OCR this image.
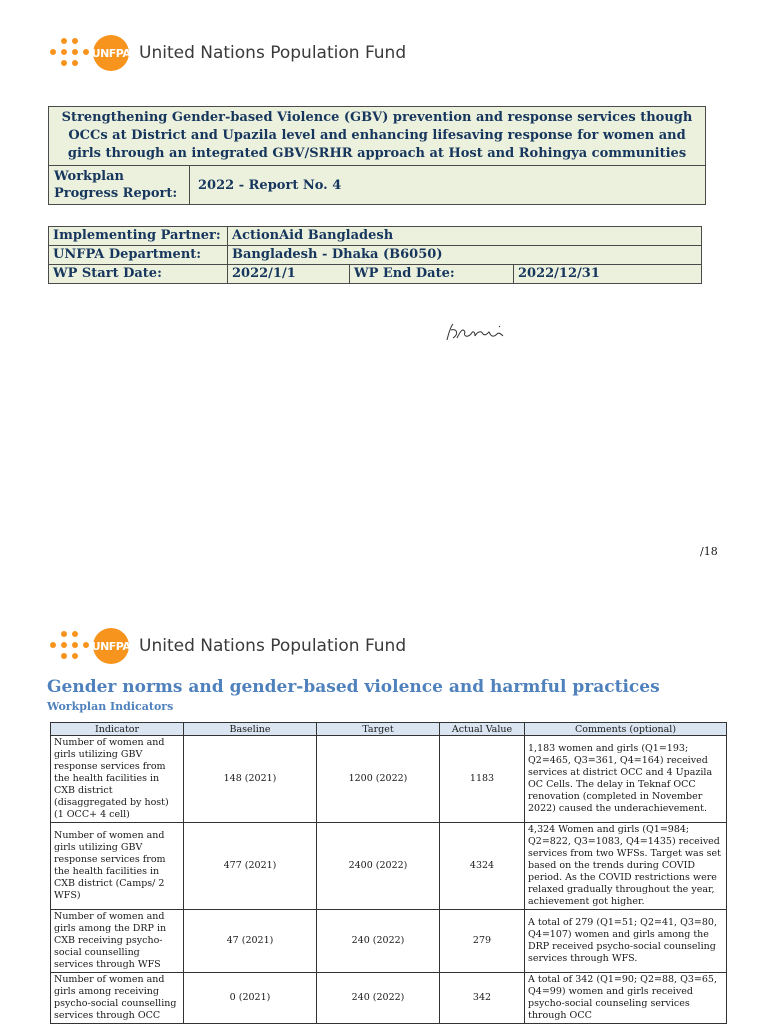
UNFPA United Nations Population Fund
Strengthening Gender-based Violence (GBV) prevention and response services though OCCs at District and Upazila level and enhancing lifesaving response for women and girls through an integrated GBV/SRHR approach at Host and Rohingya communities
Workplan Progress Report:	2022 - Report No. 4
Implementing Partner:	ActionAid Bangladesh		
UNFPA Department:	Bangladesh - Dhaka (B6050)		
WP Start Date:	2022/1/1	WP End Date:	2022/12/31
/18
UNFPA United Nations Population Fund
Gender norms and gender-based violence and harmful practices
Workplan Indicators
Indicator	Baseline	Target	Actual Value	Comments (optional)
Number of women and girls utilizing GBV response services from the health facilities in CXB district (disaggregated by host) (1 OCC+ 4 cell)	148 (2021)	1200 (2022)	1183	1,183 women and girls (Q1=193; Q2=465, Q3=361, Q4=164) received services at district OCC and 4 Upazila OC Cells. The delay in Teknaf OCC renovation (completed in November 2022) caused the underachievement.
Number of women and girls utilizing GBV response services from the health facilities in CXB district (Camps/ 2 WFS)	477 (2021)	2400 (2022)	4324	4,324 Women and girls (Q1=984; Q2=822, Q3=1083, Q4=1435) received services from two WFSs. Target was set based on the trends during COVID period. As the COVID restrictions were relaxed gradually throughout the year, achievement got higher.
Number of women and girls among the DRP in CXB receiving psycho-social counselling services through WFS	47 (2021)	240 (2022)	279	A total of 279 (Q1=51; Q2=41, Q3=80, Q4=107) women and girls among the DRP received psycho-social counseling services through WFS.
Number of women and girls among receiving psycho-social counselling services through OCC	0 (2021)	240 (2022)	342	A total of 342 (Q1=90; Q2=88, Q3=65, Q4=99) women and girls received psycho-social counseling services through OCC
